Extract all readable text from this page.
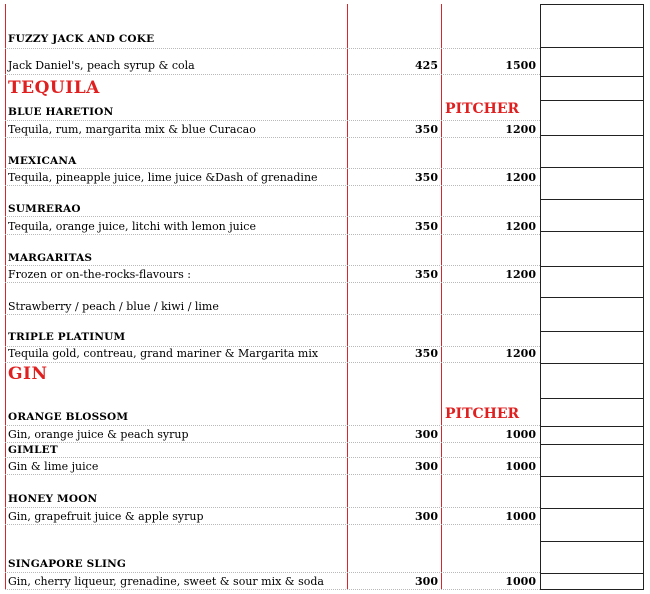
FUZZY JACK AND COKE
Jack Daniel's, peach syrup & cola	425	1500
TEQUILA
PITCHER
BLUE HARETION
Tequila, rum, margarita mix & blue Curacao	350	1200
MEXICANA
Tequila, pineapple juice, lime juice &Dash of grenadine	350	1200
SUMRERAO
Tequila, orange juice, litchi with lemon juice	350	1200
MARGARITAS
Frozen or on-the-rocks-flavours :	350	1200
Strawberry / peach / blue / kiwi / lime
TRIPLE PLATINUM
Tequila gold, contreau, grand mariner & Margarita mix	350	1200
GIN
PITCHER
ORANGE BLOSSOM
Gin, orange juice & peach syrup	300	1000
GIMLET
Gin & lime juice	300	1000
HONEY MOON
Gin, grapefruit juice & apple syrup	300	1000
SINGAPORE SLING
Gin, cherry liqueur, grenadine, sweet & sour mix & soda	300	1000
